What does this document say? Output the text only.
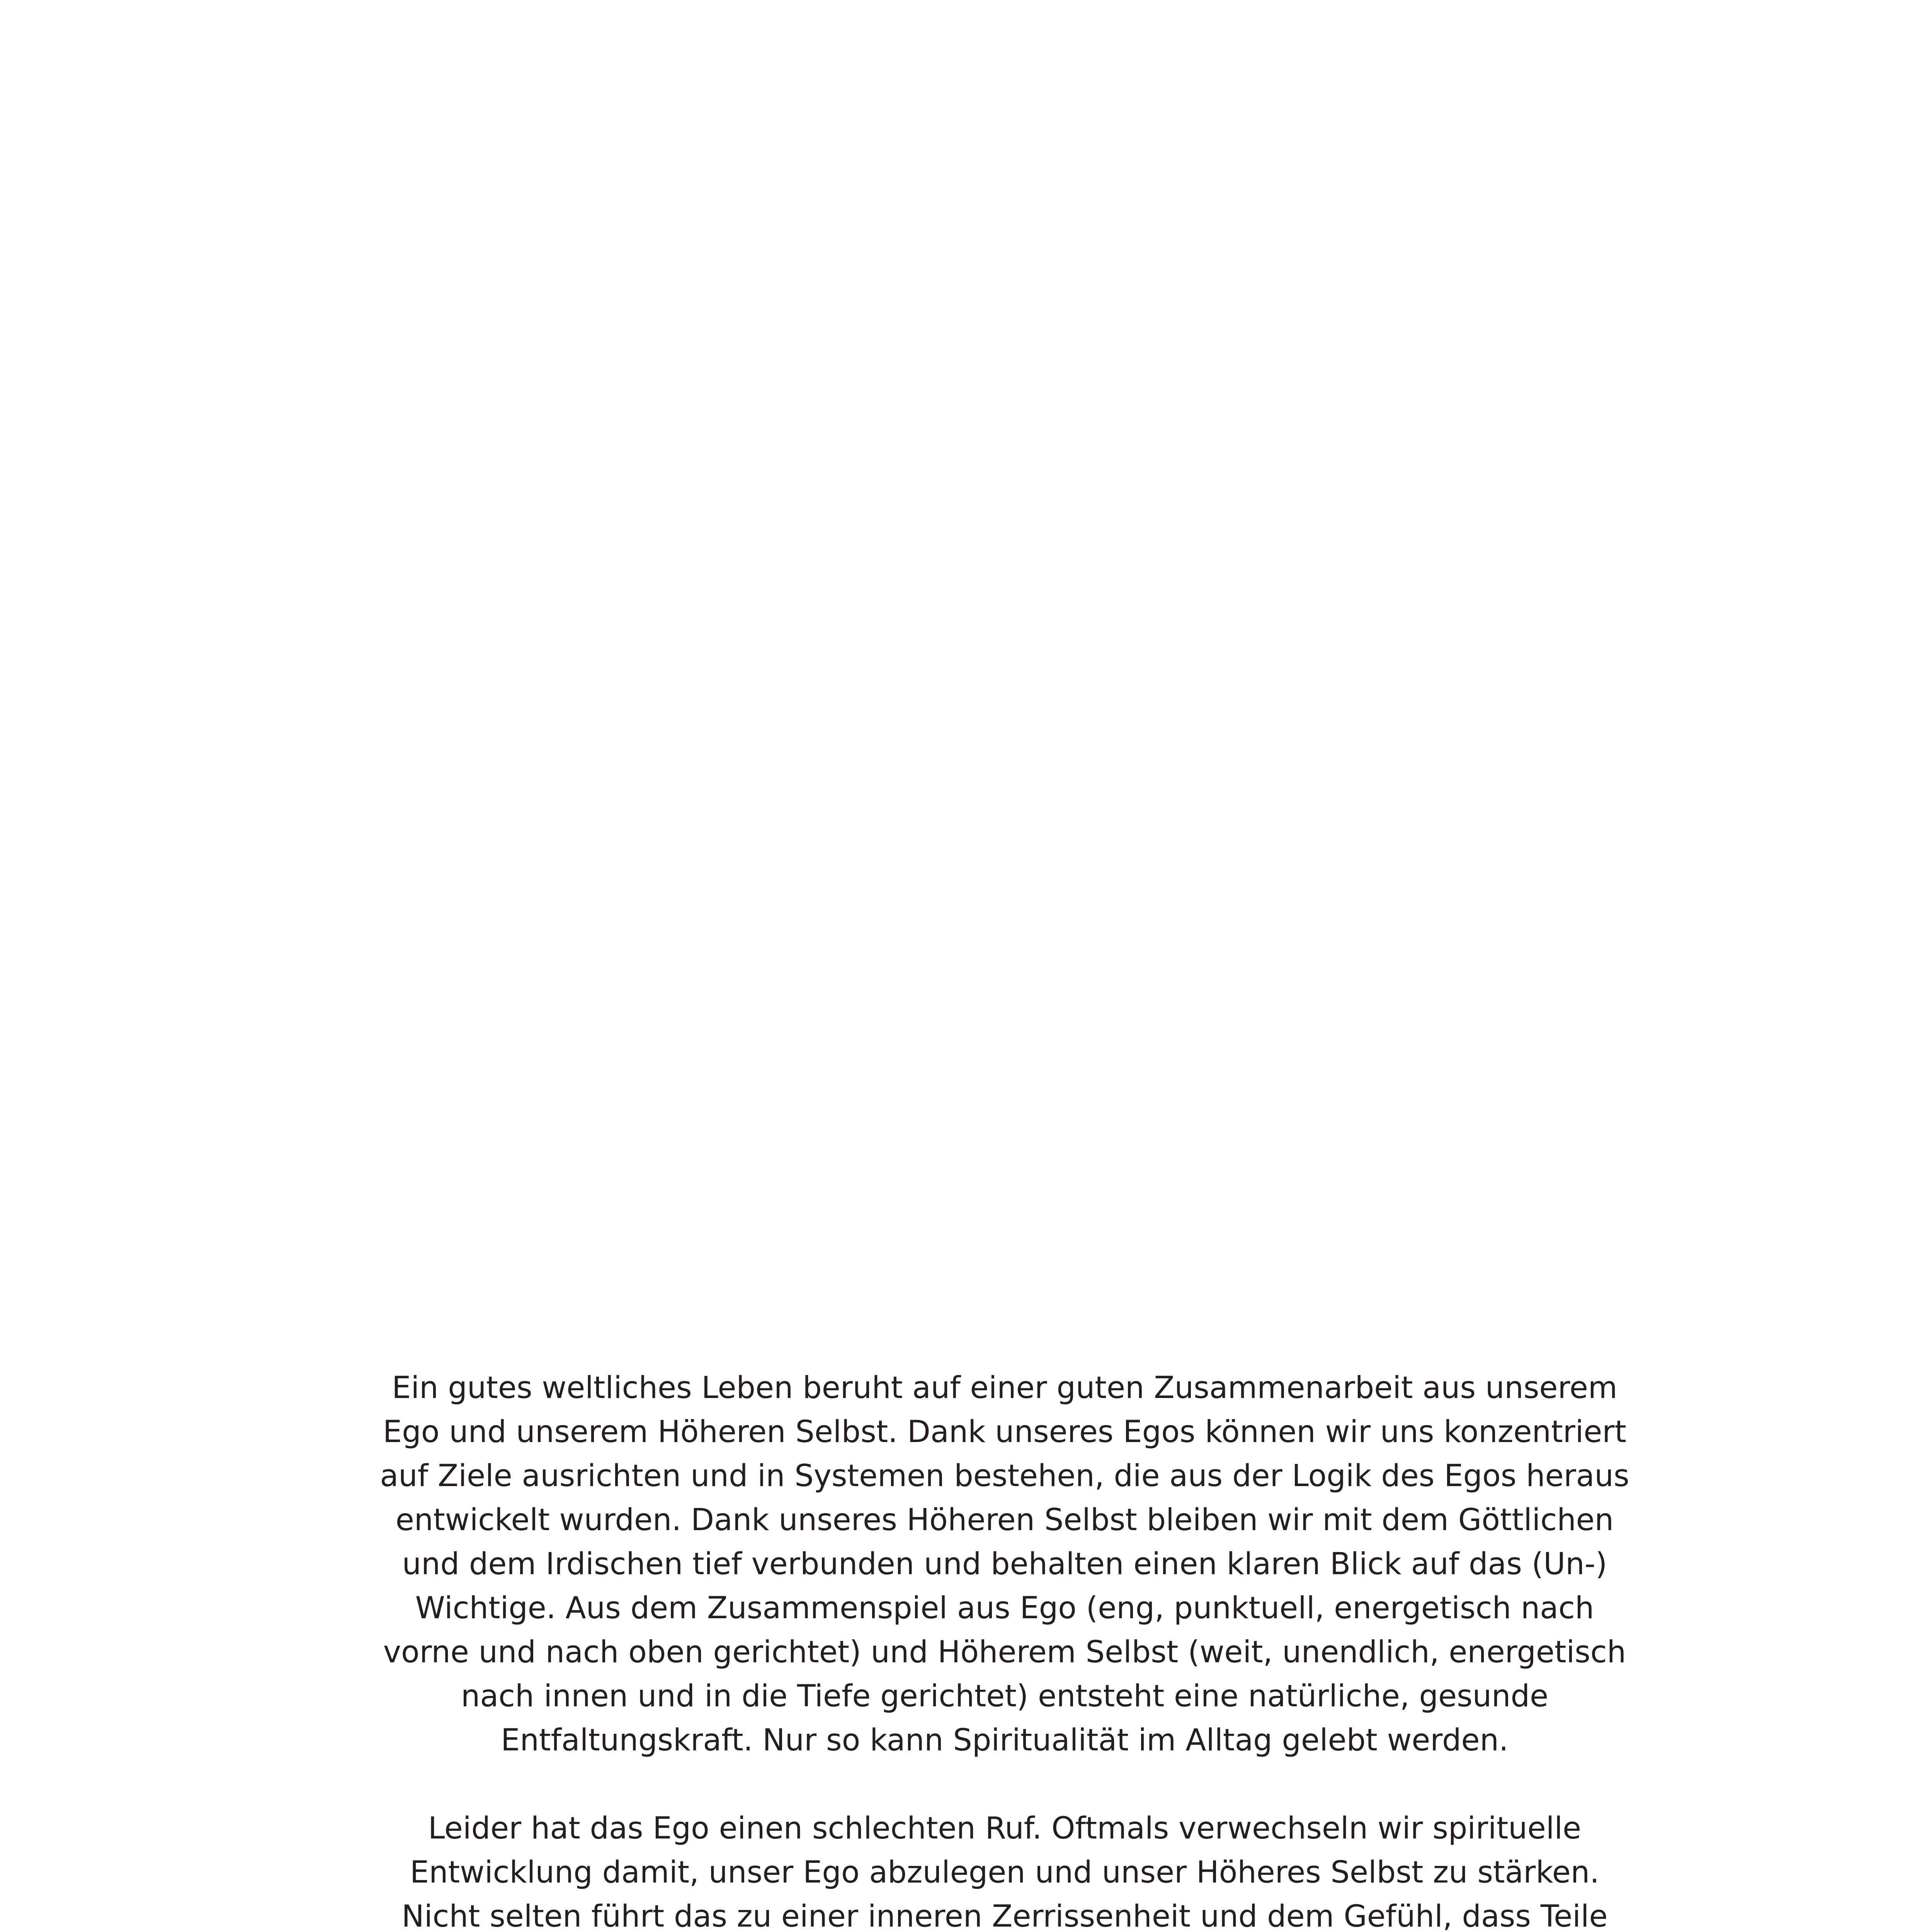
Ein gutes weltliches Leben beruht auf einer guten Zusammenarbeit aus unserem
Ego und unserem Höheren Selbst. Dank unseres Egos können wir uns konzentriert
auf Ziele ausrichten und in Systemen bestehen, die aus der Logik des Egos heraus
entwickelt wurden. Dank unseres Höheren Selbst bleiben wir mit dem Göttlichen
und dem Irdischen tief verbunden und behalten einen klaren Blick auf das (Un-)
Wichtige. Aus dem Zusammenspiel aus Ego (eng, punktuell, energetisch nach
vorne und nach oben gerichtet) und Höherem Selbst (weit, unendlich, energetisch
nach innen und in die Tiefe gerichtet) entsteht eine natürliche, gesunde
Entfaltungskraft. Nur so kann Spiritualität im Alltag gelebt werden.

Leider hat das Ego einen schlechten Ruf. Oftmals verwechseln wir spirituelle
Entwicklung damit, unser Ego abzulegen und unser Höheres Selbst zu stärken.
Nicht selten führt das zu einer inneren Zerrissenheit und dem Gefühl, dass Teile
